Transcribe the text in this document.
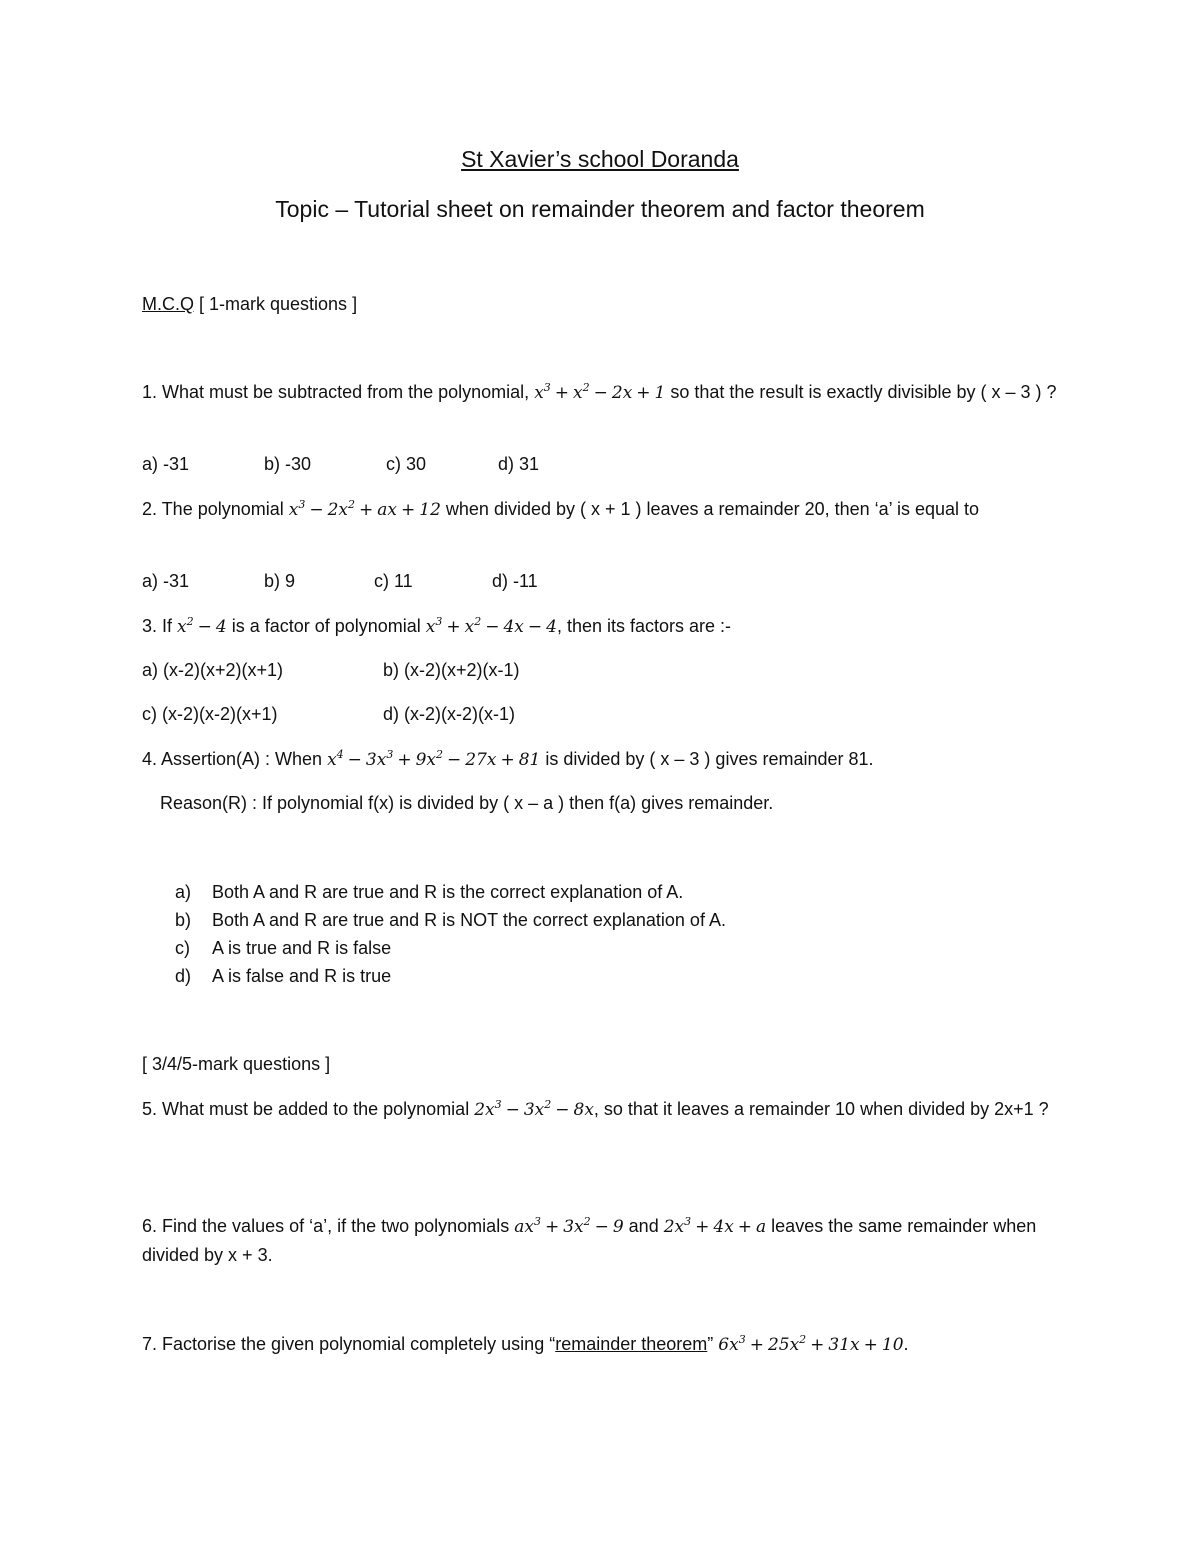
St Xavier’s school Doranda
Topic – Tutorial sheet on remainder theorem and factor theorem
M.C.Q [ 1-mark questions ]
1. What must be subtracted from the polynomial, $x^3 + x^2 - 2x + 1$ so that the result is exactly divisible by ( x – 3 ) ?
a) -31	b) -30	c) 30	d) 31
2. The polynomial $x^3 - 2x^2$ + ax + 12 when divided by ( x + 1 ) leaves a remainder 20, then ‘a’ is equal to
a) -31	b) 9	c) 11	d) -11
3. If $x^2 - 4$ is a factor of polynomial $x^3 + x^2 - 4x - 4$, then its factors are :-
a) (x-2)(x+2)(x+1)	b) (x-2)(x+2)(x-1)
c) (x-2)(x-2)(x+1)	d) (x-2)(x-2)(x-1)
4. Assertion(A) : When $x^4 - 3x^3 + 9x^2 - 27x + 81$ is divided by ( x – 3 ) gives remainder 81.
Reason(R) : If polynomial f(x) is divided by ( x – a ) then f(a) gives remainder.
a) Both A and R are true and R is the correct explanation of A.
b) Both A and R are true and R is NOT the correct explanation of A.
c) A is true and R is false
d) A is false and R is true
[ 3/4/5-mark questions ]
5. What must be added to the polynomial $2x^3 - 3x^2 - 8x$, so that it leaves a remainder 10 when divided by 2x+1 ?
6. Find the values of ‘a’, if the two polynomials $ax^3 + 3x^2 - 9$ and $2x^3 + 4x + a$ leaves the same remainder when divided by x + 3.
7. Factorise the given polynomial completely using “remainder theorem” $6x^3 + 25x^2 + 31x + 10$.
